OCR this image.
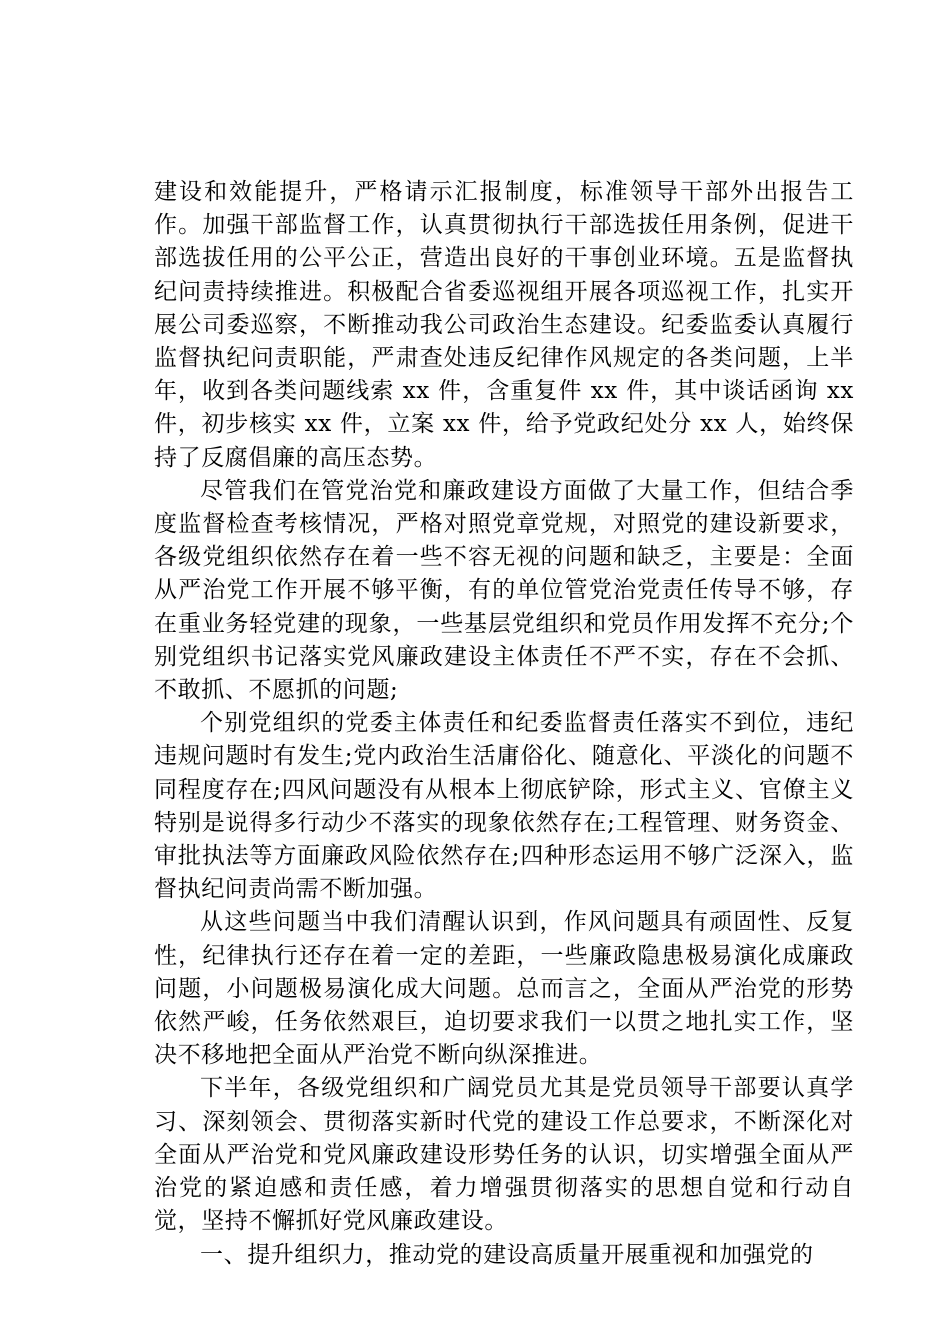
建设和效能提升，严格请示汇报制度，标准领导干部外出报告工作。加强干部监督工作，认真贯彻执行干部选拔任用条例，促进干部选拔任用的公平公正，营造出良好的干事创业环境。五是监督执纪问责持续推进。积极配合省委巡视组开展各项巡视工作，扎实开展公司委巡察，不断推动我公司政治生态建设。纪委监委认真履行监督执纪问责职能，严肃查处违反纪律作风规定的各类问题，上半年，收到各类问题线索 xx 件，含重复件 xx 件，其中谈话函询 xx 件，初步核实 xx 件，立案 xx 件，给予党政纪处分 xx 人，始终保持了反腐倡廉的高压态势。

尽管我们在管党治党和廉政建设方面做了大量工作，但结合季度监督检查考核情况，严格对照党章党规，对照党的建设新要求，各级党组织依然存在着一些不容无视的问题和缺乏，主要是：全面从严治党工作开展不够平衡，有的单位管党治党责任传导不够，存在重业务轻党建的现象，一些基层党组织和党员作用发挥不充分;个别党组织书记落实党风廉政建设主体责任不严不实，存在不会抓、不敢抓、不愿抓的问题;

个别党组织的党委主体责任和纪委监督责任落实不到位，违纪违规问题时有发生;党内政治生活庸俗化、随意化、平淡化的问题不同程度存在;四风问题没有从根本上彻底铲除，形式主义、官僚主义特别是说得多行动少不落实的现象依然存在;工程管理、财务资金、审批执法等方面廉政风险依然存在;四种形态运用不够广泛深入，监督执纪问责尚需不断加强。

从这些问题当中我们清醒认识到，作风问题具有顽固性、反复性，纪律执行还存在着一定的差距，一些廉政隐患极易演化成廉政问题，小问题极易演化成大问题。总而言之，全面从严治党的形势依然严峻，任务依然艰巨，迫切要求我们一以贯之地扎实工作，坚决不移地把全面从严治党不断向纵深推进。

下半年，各级党组织和广阔党员尤其是党员领导干部要认真学习、深刻领会、贯彻落实新时代党的建设工作总要求，不断深化对全面从严治党和党风廉政建设形势任务的认识，切实增强全面从严治党的紧迫感和责任感，着力增强贯彻落实的思想自觉和行动自觉，坚持不懈抓好党风廉政建设。

一、提升组织力，推动党的建设高质量开展重视和加强党的
